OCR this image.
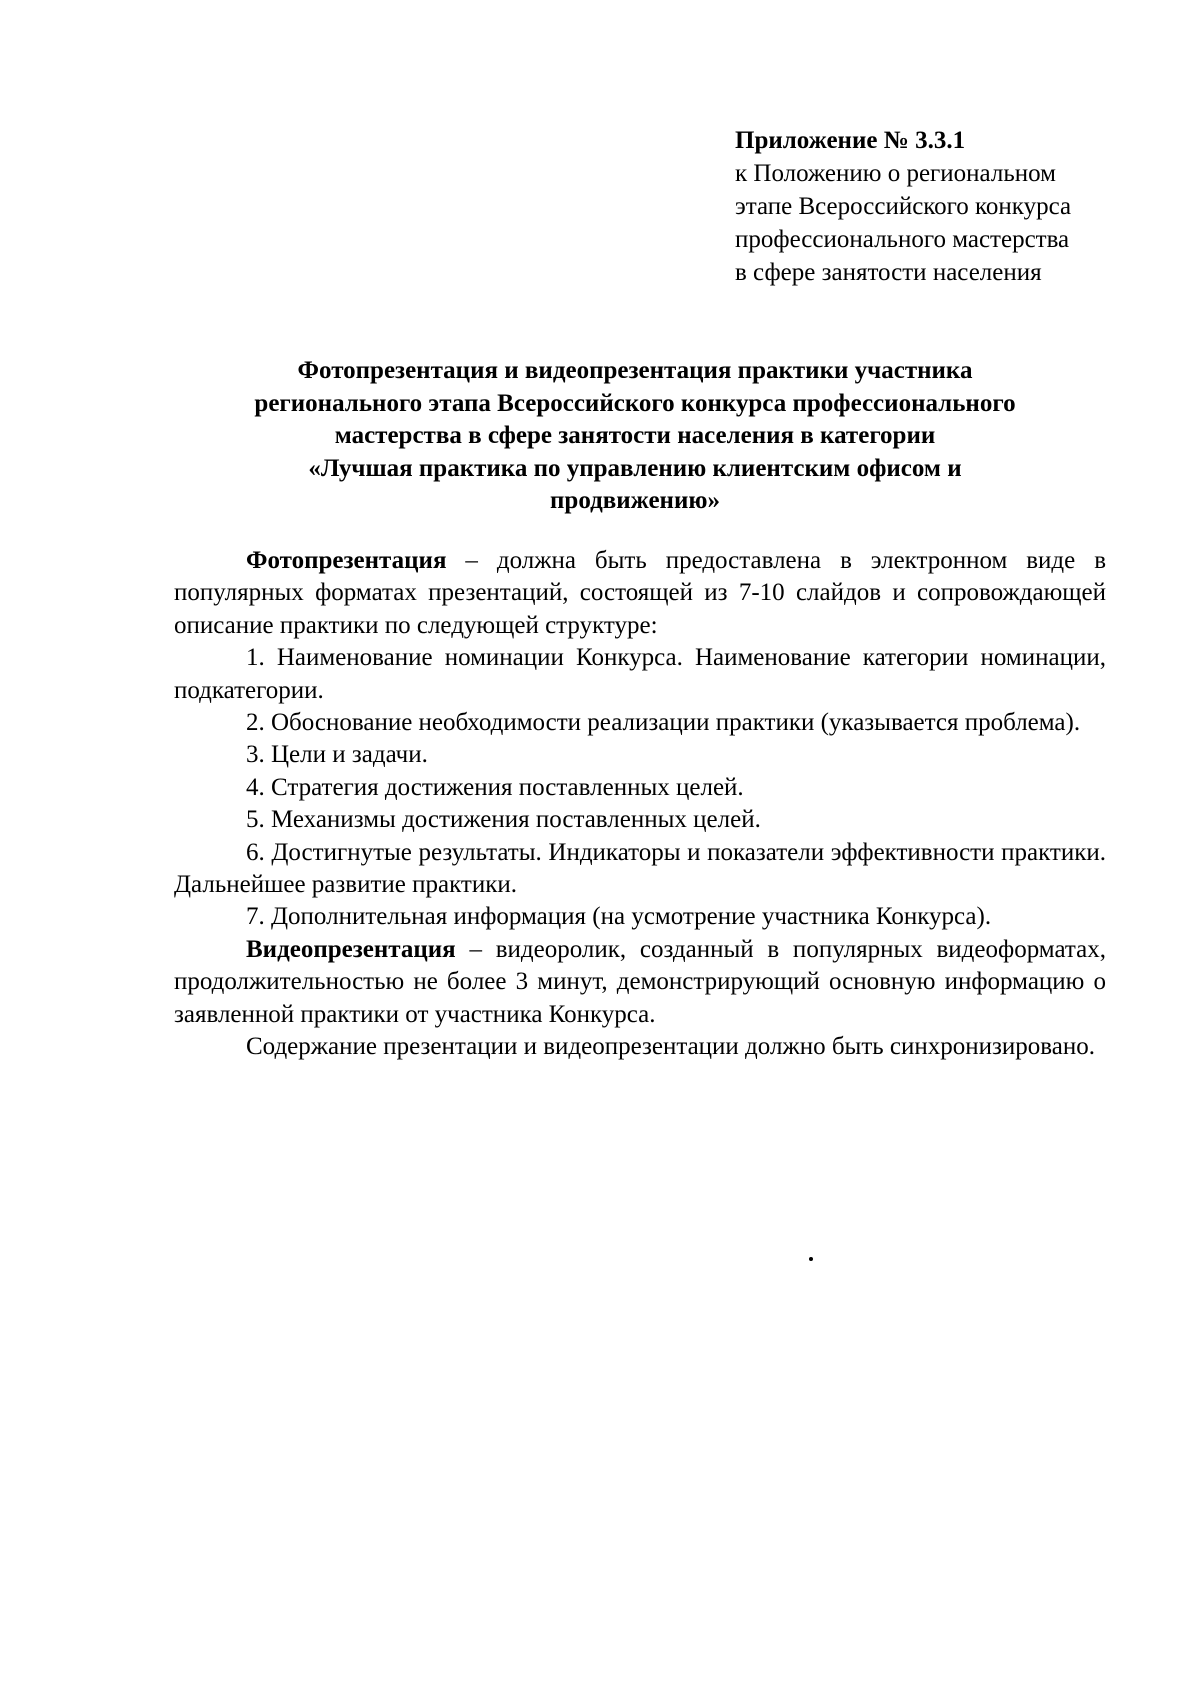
Приложение № 3.3.1
к Положению о региональном
этапе Всероссийского конкурса
профессионального мастерства
в сфере занятости населения
Фотопрезентация и видеопрезентация практики участника
регионального этапа Всероссийского конкурса профессионального
мастерства в сфере занятости населения в категории
«Лучшая практика по управлению клиентским офисом и
продвижению»

Фотопрезентация – должна быть предоставлена в электронном виде в популярных форматах презентаций, состоящей из 7-10 слайдов и сопровождающей описание практики по следующей структуре:

1. Наименование номинации Конкурса. Наименование категории номинации, подкатегории.

2. Обоснование необходимости реализации практики (указывается проблема).

3. Цели и задачи.

4. Стратегия достижения поставленных целей.

5. Механизмы достижения поставленных целей.

6. Достигнутые результаты. Индикаторы и показатели эффективности практики. Дальнейшее развитие практики.

7. Дополнительная информация (на усмотрение участника Конкурса).

Видеопрезентация – видеоролик, созданный в популярных видеоформатах, продолжительностью не более 3 минут, демонстрирующий основную информацию о заявленной практики от участника Конкурса.

Содержание презентации и видеопрезентации должно быть синхронизировано.
